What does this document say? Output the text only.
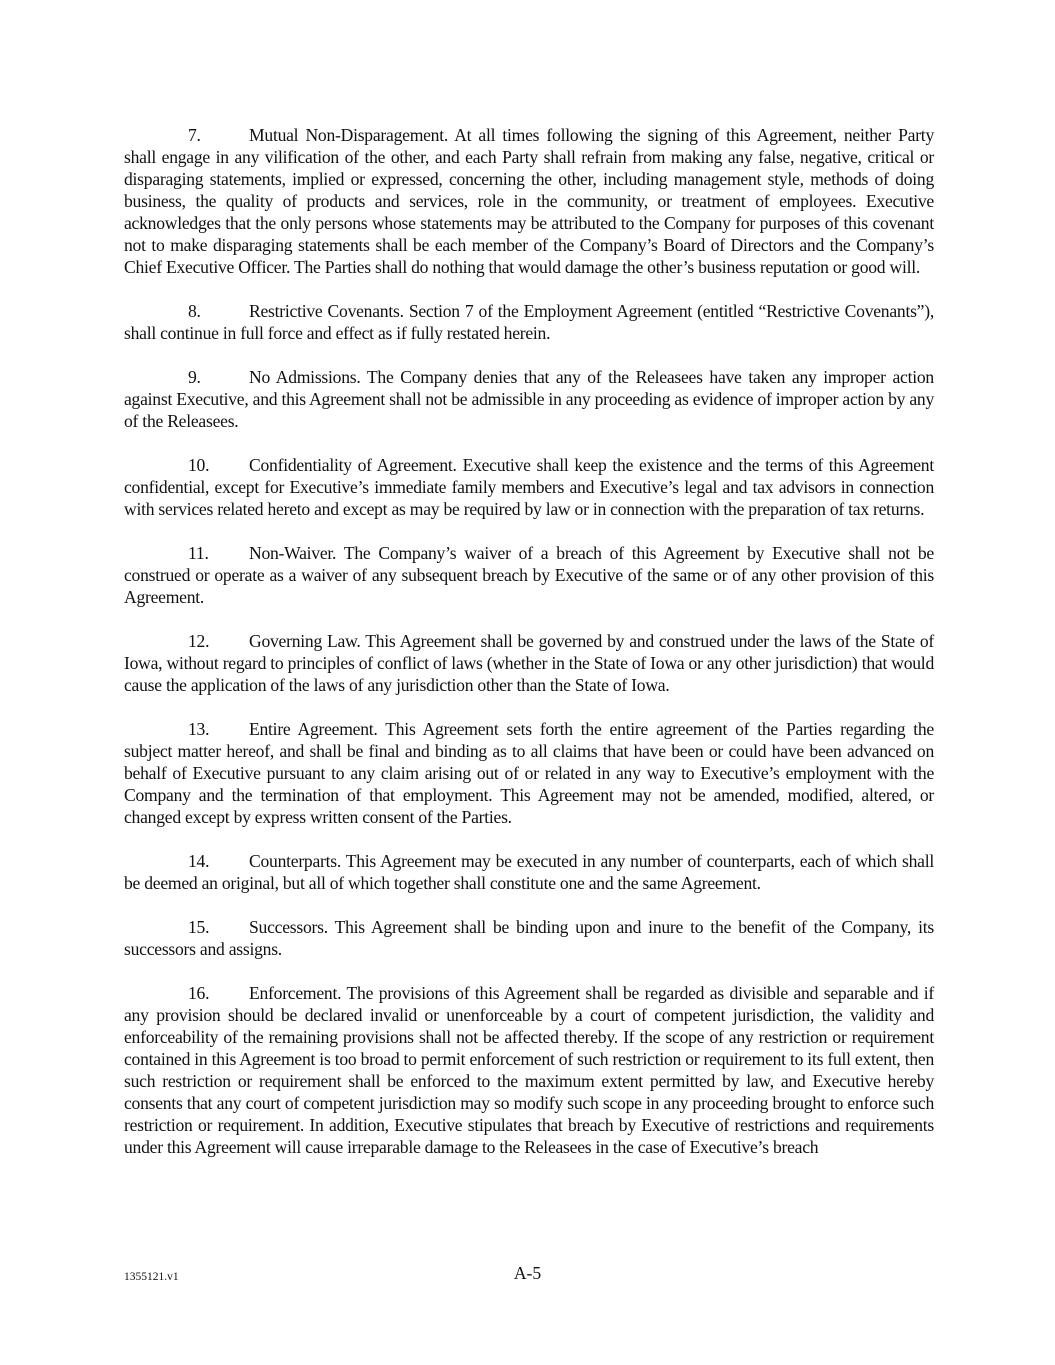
7.	Mutual Non-Disparagement. At all times following the signing of this Agreement, neither Party shall engage in any vilification of the other, and each Party shall refrain from making any false, negative, critical or disparaging statements, implied or expressed, concerning the other, including management style, methods of doing business, the quality of products and services, role in the community, or treatment of employees. Executive acknowledges that the only persons whose statements may be attributed to the Company for purposes of this covenant not to make disparaging statements shall be each member of the Company’s Board of Directors and the Company’s Chief Executive Officer. The Parties shall do nothing that would damage the other’s business reputation or good will.

8.	Restrictive Covenants. Section 7 of the Employment Agreement (entitled “Restrictive Covenants”), shall continue in full force and effect as if fully restated herein.

9.	No Admissions. The Company denies that any of the Releasees have taken any improper action against Executive, and this Agreement shall not be admissible in any proceeding as evidence of improper action by any of the Releasees.

10. Confidentiality of Agreement. Executive shall keep the existence and the terms of this Agreement confidential, except for Executive’s immediate family members and Executive’s legal and tax advisors in connection with services related hereto and except as may be required by law or in connection with the preparation of tax returns.

11. Non-Waiver. The Company’s waiver of a breach of this Agreement by Executive shall not be construed or operate as a waiver of any subsequent breach by Executive of the same or of any other provision of this Agreement.

12. Governing Law. This Agreement shall be governed by and construed under the laws of the State of Iowa, without regard to principles of conflict of laws (whether in the State of Iowa or any other jurisdiction) that would cause the application of the laws of any jurisdiction other than the State of Iowa.

13. Entire Agreement. This Agreement sets forth the entire agreement of the Parties regarding the subject matter hereof, and shall be final and binding as to all claims that have been or could have been advanced on behalf of Executive pursuant to any claim arising out of or related in any way to Executive’s employment with the Company and the termination of that employment. This Agreement may not be amended, modified, altered, or changed except by express written consent of the Parties.

14. Counterparts. This Agreement may be executed in any number of counterparts, each of which shall be deemed an original, but all of which together shall constitute one and the same Agreement.

15. Successors. This Agreement shall be binding upon and inure to the benefit of the Company, its successors and assigns.

16. Enforcement. The provisions of this Agreement shall be regarded as divisible and separable and if any provision should be declared invalid or unenforceable by a court of competent jurisdiction, the validity and enforceability of the remaining provisions shall not be affected thereby. If the scope of any restriction or requirement contained in this Agreement is too broad to permit enforcement of such restriction or requirement to its full extent, then such restriction or requirement shall be enforced to the maximum extent permitted by law, and Executive hereby consents that any court of competent jurisdiction may so modify such scope in any proceeding brought to enforce such restriction or requirement. In addition, Executive stipulates that breach by Executive of restrictions and requirements under this Agreement will cause irreparable damage to the Releasees in the case of Executive’s breach

1355121.v1	A-5
